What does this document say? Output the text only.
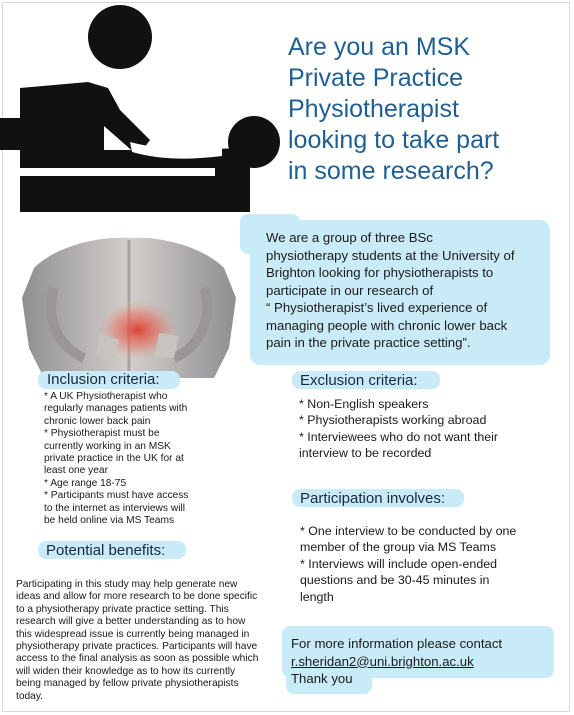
Are you an MSK
Private Practice
Physiotherapist
looking to take part
in some research?
We are a group of three BSc
physiotherapy students at the University of
Brighton looking for physiotherapists to
participate in our research of
“ Physiotherapist’s lived experience of
managing people with chronic lower back
pain in the private practice setting”.
Inclusion criteria:
* A UK Physiotherapist who
regularly manages patients with
chronic lower back pain
* Physiotherapist must be
currently working in an MSK
private practice in the UK for at
least one year
* Age range 18-75
* Participants must have access
to the internet as interviews will
be held online via MS Teams
Exclusion criteria:
* Non-English speakers
* Physiotherapists working abroad
* Interviewees who do not want their
interview to be recorded
Potential benefits:
Participating in this study may help generate new
ideas and allow for more research to be done specific
to a physiotherapy private practice setting. This
research will give a better understanding as to how
this widespread issue is currently being managed in
physiotherapy private practices. Participants will have
access to the final analysis as soon as possible which
will widen their knowledge as to how its currently
being managed by fellow private physiotherapists
today.
Participation involves:
* One interview to be conducted by one
member of the group via MS Teams
* Interviews will include open-ended
questions and be 30-45 minutes in
length
For more information please contact
r.sheridan2@uni.brighton.ac.uk
Thank you
